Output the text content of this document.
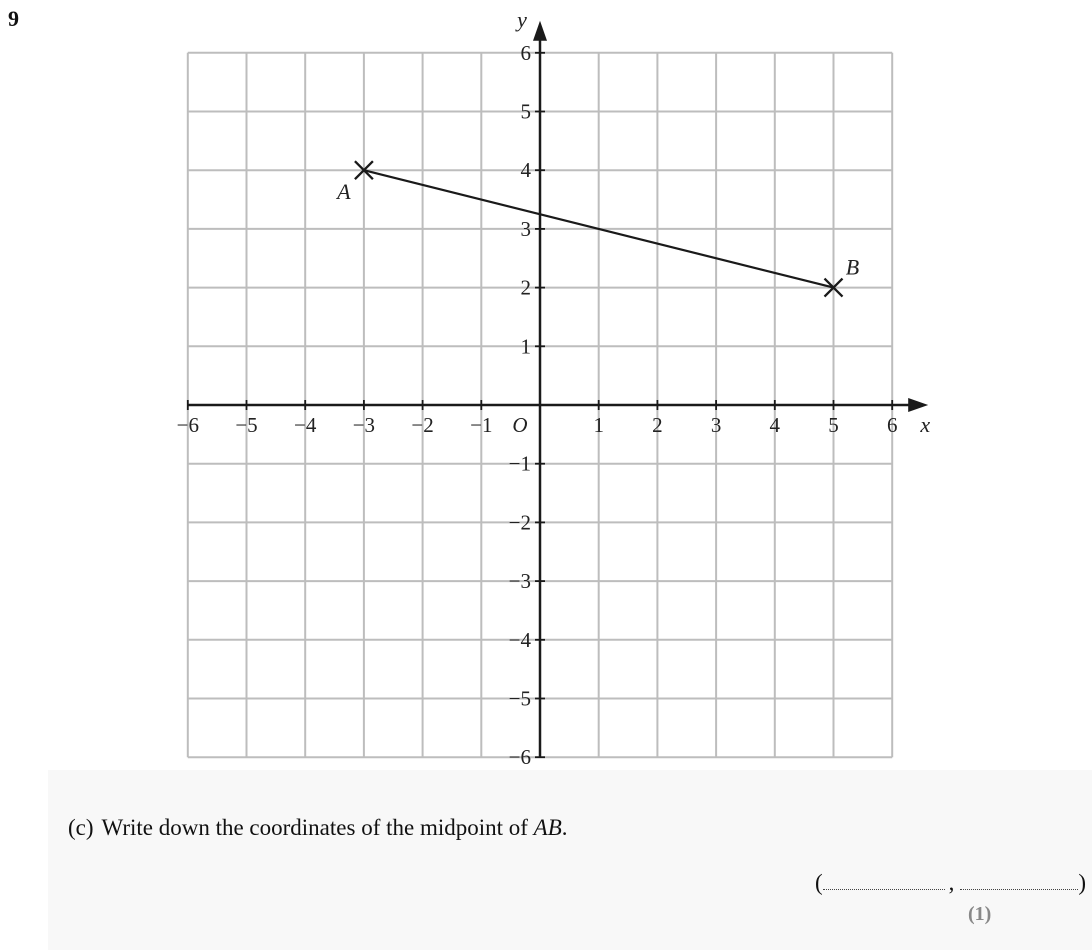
9
−6 −5 −4 −3 −2 −1	1 2 3 4 5 6
6
5
4
3
2
1
−1
−2
−3
−4
−5
−6
x
y
O
A
B
(c) Write down the coordinates of the midpoint of AB.
(	,	)
(1)
